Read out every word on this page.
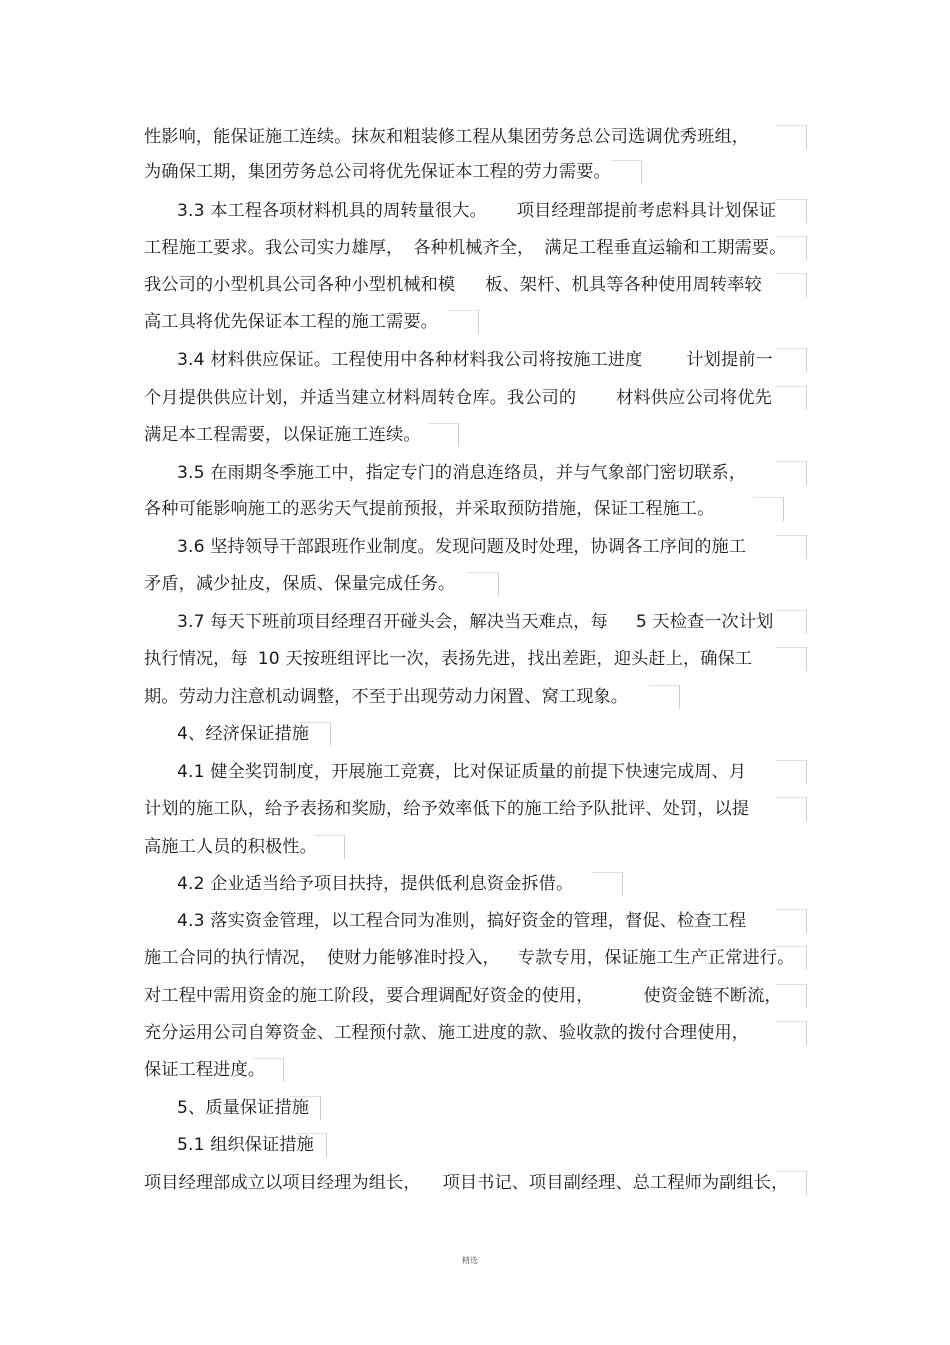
性影响，能保证施工连续。抹灰和粗装修工程从集团劳务总公司选调优秀班组，
为确保工期，集团劳务总公司将优先保证本工程的劳力需要。
3.3 本工程各项材料机具的周转量很大。 项目经理部提前考虑料具计划保证
工程施工要求。我公司实力雄厚， 各种机械齐全， 满足工程垂直运输和工期需要。
我公司的小型机具公司各种小型机械和模 板、架杆、机具等各种使用周转率较
高工具将优先保证本工程的施工需要。
3.4 材料供应保证。工程使用中各种材料我公司将按施工进度	计划提前一
个月提供供应计划，并适当建立材料周转仓库。我公司的 材料供应公司将优先
满足本工程需要，以保证施工连续。
3.5 在雨期冬季施工中，指定专门的消息连络员，并与气象部门密切联系，
各种可能影响施工的恶劣天气提前预报，并采取预防措施，保证工程施工。
3.6 坚持领导干部跟班作业制度。发现问题及时处理，协调各工序间的施工
矛盾，减少扯皮，保质、保量完成任务。
3.7 每天下班前项目经理召开碰头会，解决当天难点，每 5 天检查一次计划
执行情况，每 10 天按班组评比一次，表扬先进，找出差距，迎头赶上，确保工
期。劳动力注意机动调整，不至于出现劳动力闲置、窝工现象。
4、经济保证措施
4.1 健全奖罚制度，开展施工竞赛，比对保证质量的前提下快速完成周、月
计划的施工队，给予表扬和奖励，给予效率低下的施工给予队批评、处罚，以提
高施工人员的积极性。
4.2 企业适当给予项目扶持，提供低利息资金拆借。
4.3 落实资金管理，以工程合同为准则，搞好资金的管理，督促、检查工程
施工合同的执行情况， 使财力能够准时投入， 专款专用，保证施工生产正常进行。
对工程中需用资金的施工阶段，要合理调配好资金的使用，	使资金链不断流，
充分运用公司自筹资金、工程预付款、施工进度的款、验收款的拨付合理使用，
保证工程进度。
5、质量保证措施
5.1 组织保证措施
项目经理部成立以项目经理为组长， 项目书记、项目副经理、总工程师为副组长，
精选
